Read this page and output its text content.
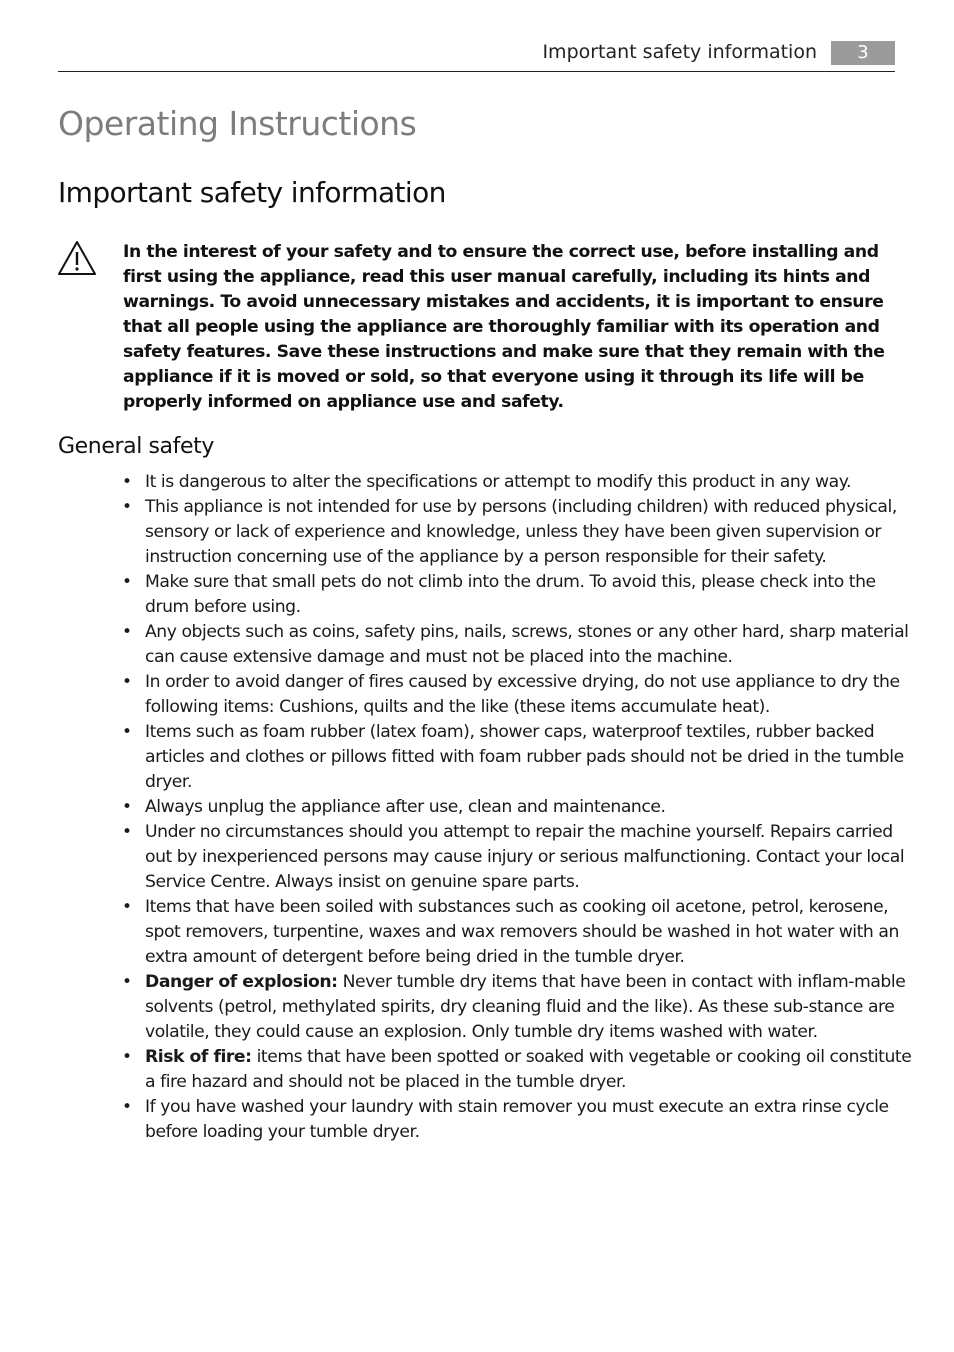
Important safety information	3
Operating Instructions
Important safety information

In the interest of your safety and to ensure the correct use, before installing and first using the appliance, read this user manual carefully, including its hints and warnings. To avoid unnecessary mistakes and accidents, it is important to ensure that all people using the appliance are thoroughly familiar with its operation and safety features. Save these instructions and make sure that they remain with the appliance if it is moved or sold, so that everyone using it through its life will be properly informed on appliance use and safety.

General safety
• It is dangerous to alter the specifications or attempt to modify this product in any way.
• This appliance is not intended for use by persons (including children) with reduced physical, sensory or lack of experience and knowledge, unless they have been given supervision or instruction concerning use of the appliance by a person responsible for their safety.
• Make sure that small pets do not climb into the drum. To avoid this, please check into the drum before using.
• Any objects such as coins, safety pins, nails, screws, stones or any other hard, sharp material can cause extensive damage and must not be placed into the machine.
• In order to avoid danger of fires caused by excessive drying, do not use appliance to dry the following items: Cushions, quilts and the like (these items accumulate heat).
• Items such as foam rubber (latex foam), shower caps, waterproof textiles, rubber backed articles and clothes or pillows fitted with foam rubber pads should not be dried in the tumble dryer.
• Always unplug the appliance after use, clean and maintenance.
• Under no circumstances should you attempt to repair the machine yourself. Repairs carried out by inexperienced persons may cause injury or serious malfunctioning. Contact your local Service Centre. Always insist on genuine spare parts.
• Items that have been soiled with substances such as cooking oil acetone, petrol, kerosene, spot removers, turpentine, waxes and wax removers should be washed in hot water with an extra amount of detergent before being dried in the tumble dryer.
• Danger of explosion: Never tumble dry items that have been in contact with inflam-mable solvents (petrol, methylated spirits, dry cleaning fluid and the like). As these sub-stance are volatile, they could cause an explosion. Only tumble dry items washed with water.
• Risk of fire: items that have been spotted or soaked with vegetable or cooking oil constitute a fire hazard and should not be placed in the tumble dryer.
• If you have washed your laundry with stain remover you must execute an extra rinse cycle before loading your tumble dryer.
